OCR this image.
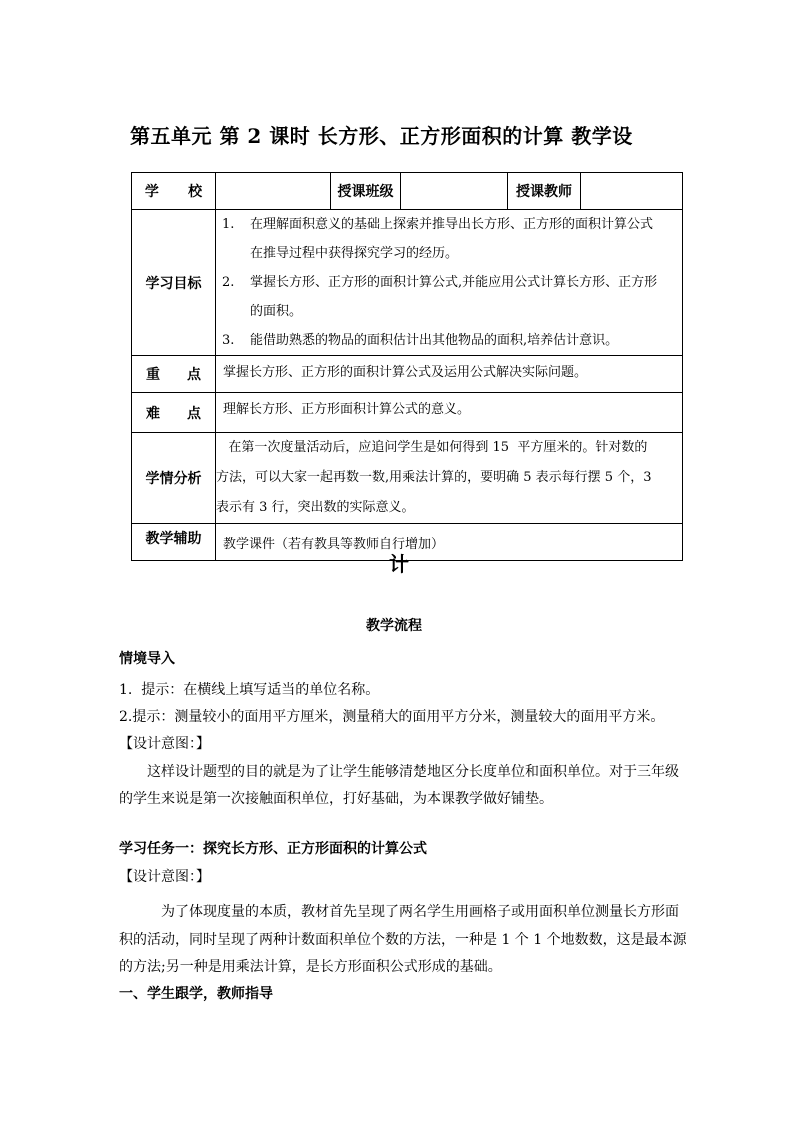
第五单元 第 2 课时 长方形、正方形面积的计算 教学设
学      校		授课班级		授课教师	

学习目标	1. 在理解面积意义的基础上探索并推导出长方形、正方形的面积计算公式
在推导过程中获得探究学习的经历。
2. 掌握长方形、正方形的面积计算公式,并能应用公式计算长方形、正方形
的面积。
3. 能借助熟悉的物品的面积估计出其他物品的面积,培养估计意识。				

重 点	掌握长方形、正方形的面积计算公式及运用公式解决实际问题。				

难 点	理解长方形、正方形面积计算公式的意义。				

学情分析	在第一次度量活动后，应追问学生是如何得到 15  平方厘米的。针对数的
方法，可以大家一起再数一数,用乘法计算的，要明确 5 表示每行摆 5 个，3
表示有 3 行，突出数的实际意义。				

教学辅助	教学课件（若有教具等教师自行增加）				
计
教学流程
情境导入
1.  提示：在横线上填写适当的单位名称。
2.提示：测量较小的面用平方厘米，测量稍大的面用平方分米，测量较大的面用平方米。
【设计意图：】
这样设计题型的目的就是为了让学生能够清楚地区分长度单位和面积单位。对于三年级
的学生来说是第一次接触面积单位，打好基础，为本课教学做好铺垫。
学习任务一：探究长方形、正方形面积的计算公式
【设计意图：】
为了体现度量的本质，教材首先呈现了两名学生用画格子或用面积单位测量长方形面
积的活动，同时呈现了两种计数面积单位个数的方法，一种是 1 个 1 个地数数，这是最本源
的方法;另一种是用乘法计算，是长方形面积公式形成的基础。
一、学生跟学，教师指导
